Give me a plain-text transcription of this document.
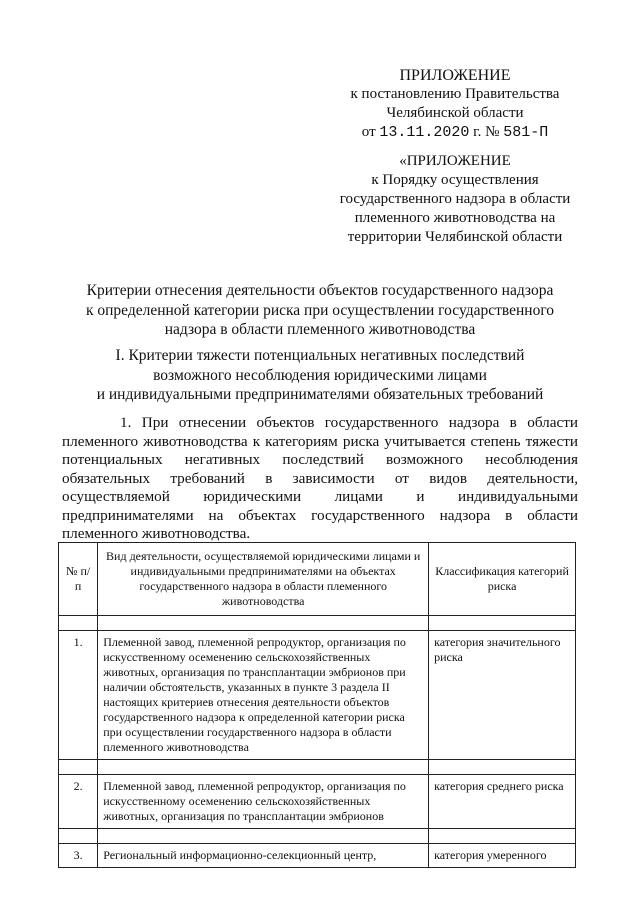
ПРИЛОЖЕНИЕ
к постановлению Правительства
Челябинской области
от 13.11.2020 г. № 581-П
«ПРИЛОЖЕНИЕ
к Порядку осуществления
государственного надзора в области
племенного животноводства на
территории Челябинской области
Критерии отнесения деятельности объектов государственного надзора
к определенной категории риска при осуществлении государственного
надзора в области племенного животноводства
I. Критерии тяжести потенциальных негативных последствий
возможного несоблюдения юридическими лицами
и индивидуальными предпринимателями обязательных требований
1. При отнесении объектов государственного надзора в области
племенного животноводства к категориям риска учитывается степень тяжести
потенциальных негативных последствий возможного несоблюдения
обязательных требований в зависимости от видов деятельности,
осуществляемой юридическими лицами и индивидуальными
предпринимателями на объектах государственного надзора в области
племенного животноводства.
№ п/п	Вид деятельности, осуществляемой юридическими лицами и индивидуальными предпринимателями на объектах государственного надзора в области племенного животноводства	Классификация категорий риска

1.	Племенной завод, племенной репродуктор, организация по искусственному осеменению сельскохозяйственных животных, организация по трансплантации эмбрионов при наличии обстоятельств, указанных в пункте 3 раздела II настоящих критериев отнесения деятельности объектов государственного надзора к определенной категории риска при осуществлении государственного надзора в области племенного животноводства	категория значительного риска

2.	Племенной завод, племенной репродуктор, организация по искусственному осеменению сельскохозяйственных животных, организация по трансплантации эмбрионов	категория среднего риска

3.	Региональный информационно-селекционный центр,	категория умеренного
